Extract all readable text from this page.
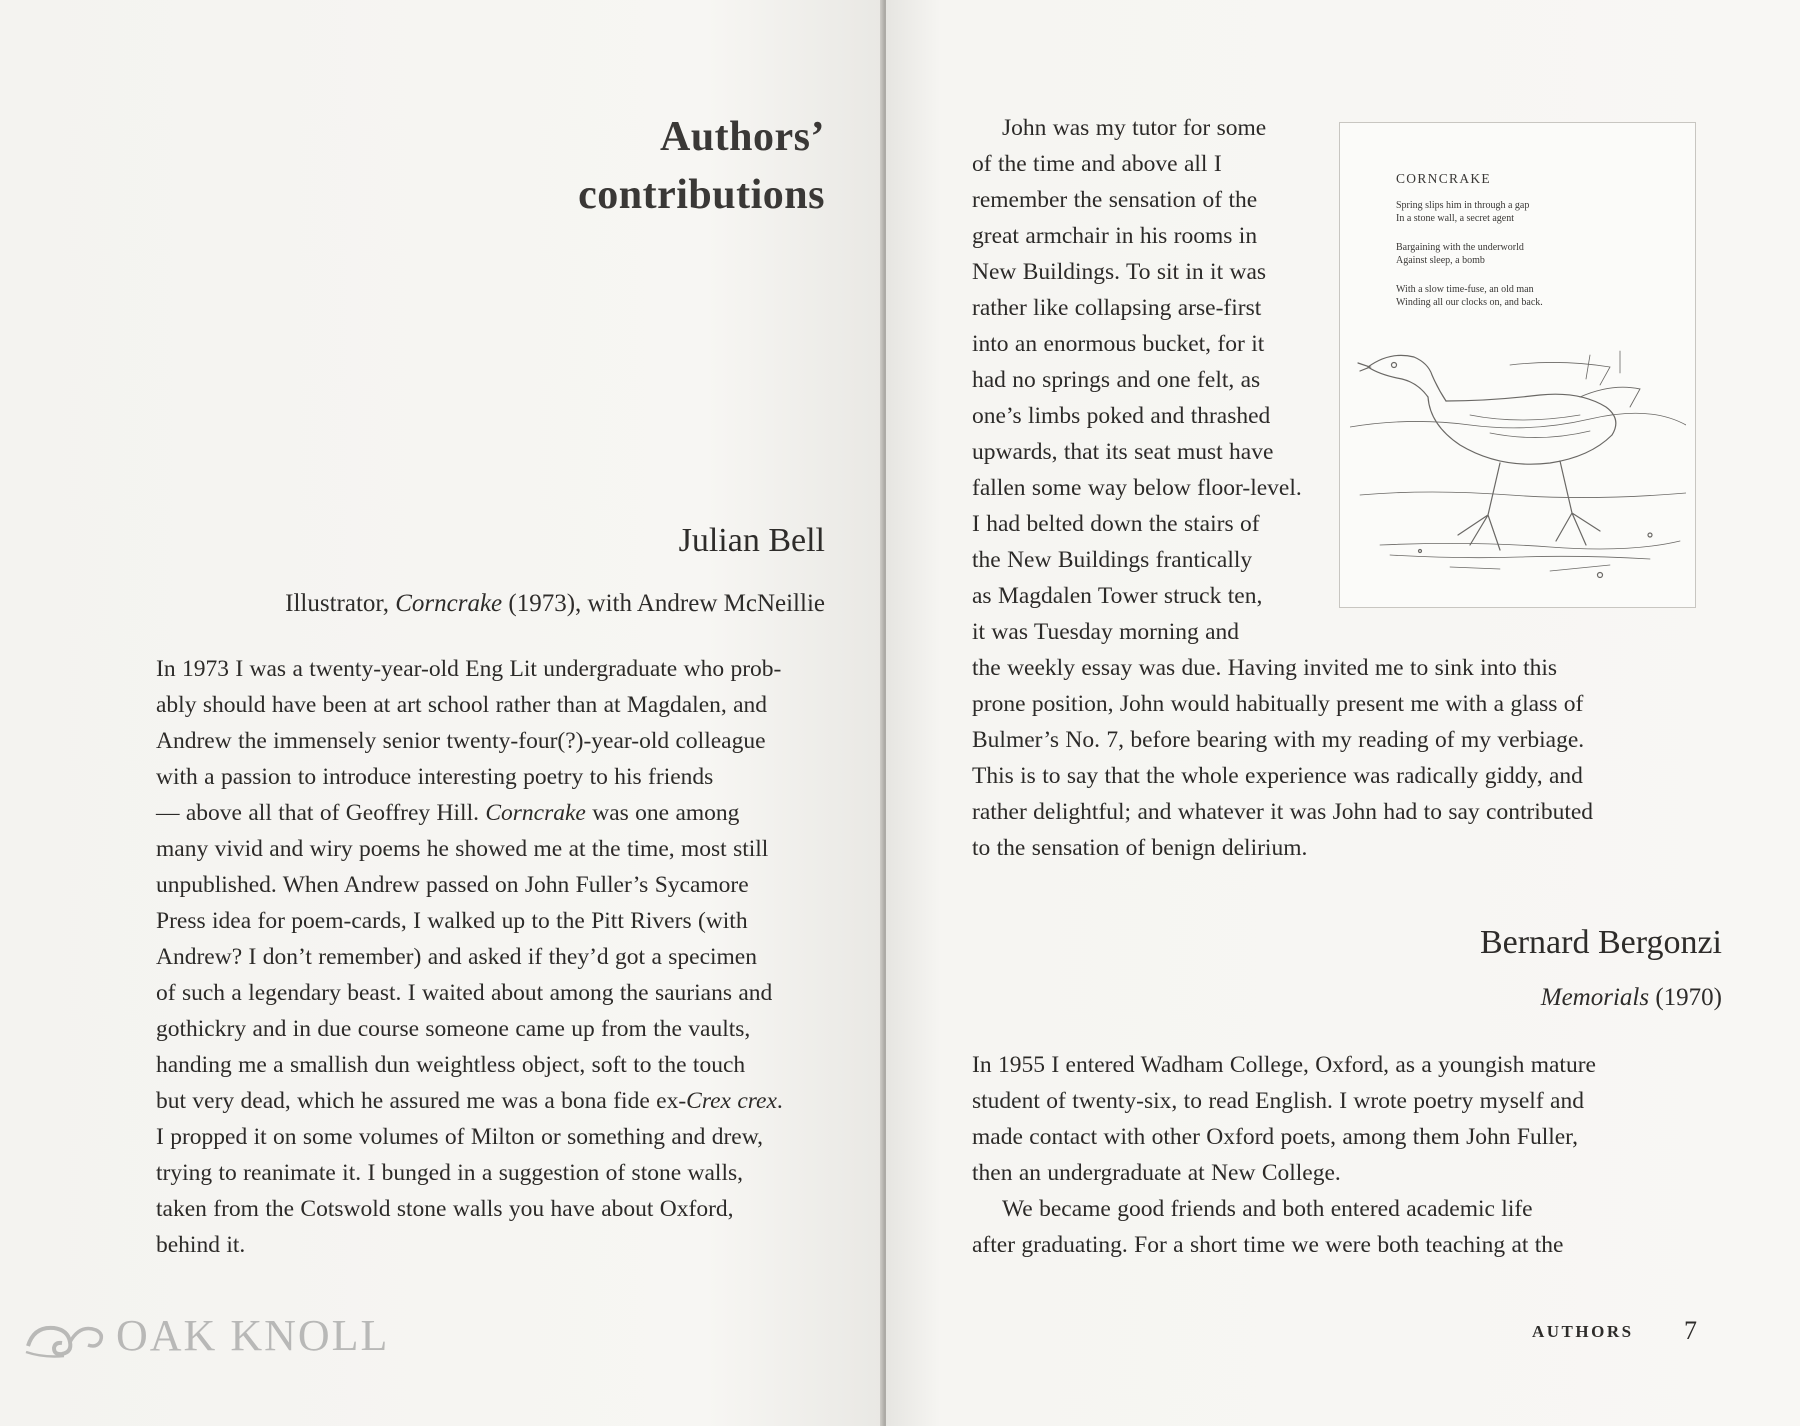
Authors’
contributions
Julian Bell
Illustrator, Corncrake (1973), with Andrew McNeillie
In 1973 I was a twenty-year-old Eng Lit undergraduate who prob-
ably should have been at art school rather than at Magdalen, and
Andrew the immensely senior twenty-four(?)-year-old colleague
with a passion to introduce interesting poetry to his friends
— above all that of Geoffrey Hill. Corncrake was one among
many vivid and wiry poems he showed me at the time, most still
unpublished. When Andrew passed on John Fuller’s Sycamore
Press idea for poem-cards, I walked up to the Pitt Rivers (with
Andrew? I don’t remember) and asked if they’d got a specimen
of such a legendary beast. I waited about among the saurians and
gothickry and in due course someone came up from the vaults,
handing me a smallish dun weightless object, soft to the touch
but very dead, which he assured me was a bona fide ex-Crex crex.
I propped it on some volumes of Milton or something and drew,
trying to reanimate it. I bunged in a suggestion of stone walls,
taken from the Cotswold stone walls you have about Oxford,
behind it.
OAK KNOLL
John was my tutor for some
of the time and above all I
remember the sensation of the
great armchair in his rooms in
New Buildings. To sit in it was
rather like collapsing arse-first
into an enormous bucket, for it
had no springs and one felt, as
one’s limbs poked and thrashed
upwards, that its seat must have
fallen some way below floor-level.
I had belted down the stairs of
the New Buildings frantically
as Magdalen Tower struck ten,
it was Tuesday morning and
the weekly essay was due. Having invited me to sink into this
prone position, John would habitually present me with a glass of
Bulmer’s No. 7, before bearing with my reading of my verbiage.
This is to say that the whole experience was radically giddy, and
rather delightful; and whatever it was John had to say contributed
to the sensation of benign delirium.
Bernard Bergonzi
Memorials (1970)
In 1955 I entered Wadham College, Oxford, as a youngish mature
student of twenty-six, to read English. I wrote poetry myself and
made contact with other Oxford poets, among them John Fuller,
then an undergraduate at New College.
We became good friends and both entered academic life
after graduating. For a short time we were both teaching at the
CORNCRAKE
Spring slips him in through a gap
In a stone wall, a secret agent
Bargaining with the underworld
Against sleep, a bomb
With a slow time-fuse, an old man
Winding all our clocks on, and back.
AUTHORS 7
